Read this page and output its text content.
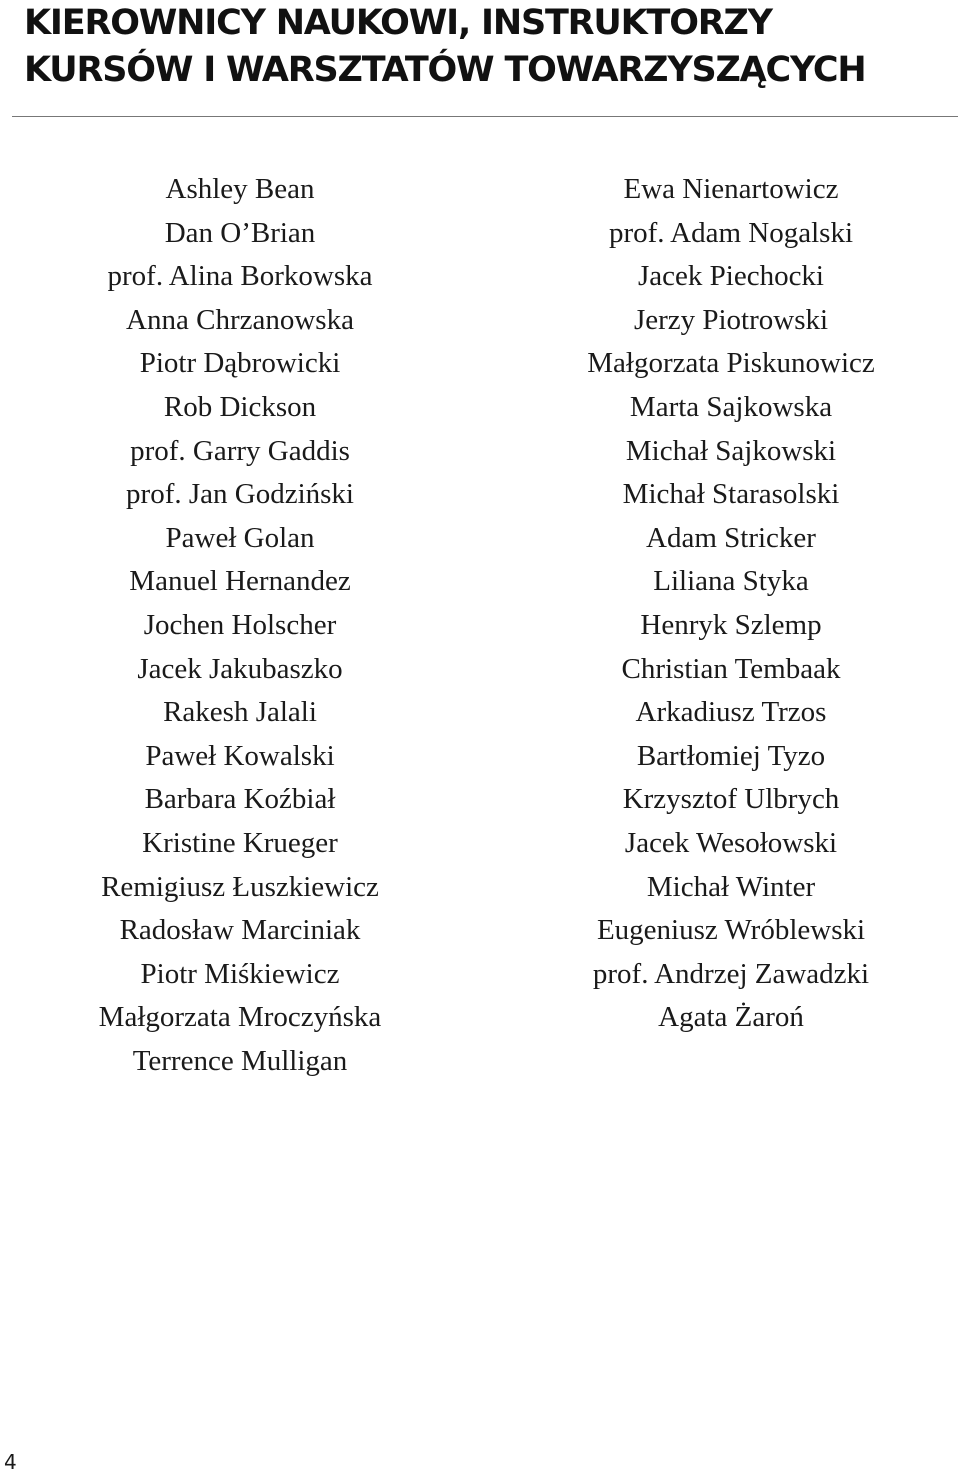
KIEROWNICY NAUKOWI, INSTRUKTORZY
KURSÓW I WARSZTATÓW TOWARZYSZĄCYCH
Ashley Bean
Dan O’Brian
prof. Alina Borkowska
Anna Chrzanowska
Piotr Dąbrowicki
Rob Dickson
prof. Garry Gaddis
prof. Jan Godziński
Paweł Golan
Manuel Hernandez
Jochen Holscher
Jacek Jakubaszko
Rakesh Jalali
Paweł Kowalski
Barbara Koźbiał
Kristine Krueger
Remigiusz Łuszkiewicz
Radosław Marciniak
Piotr Miśkiewicz
Małgorzata Mroczyńska
Terrence Mulligan
Ewa Nienartowicz
prof. Adam Nogalski
Jacek Piechocki
Jerzy Piotrowski
Małgorzata Piskunowicz
Marta Sajkowska
Michał Sajkowski
Michał Starasolski
Adam Stricker
Liliana Styka
Henryk Szlemp
Christian Tembaak
Arkadiusz Trzos
Bartłomiej Tyzo
Krzysztof Ulbrych
Jacek Wesołowski
Michał Winter
Eugeniusz Wróblewski
prof. Andrzej Zawadzki
Agata Żaroń
4
